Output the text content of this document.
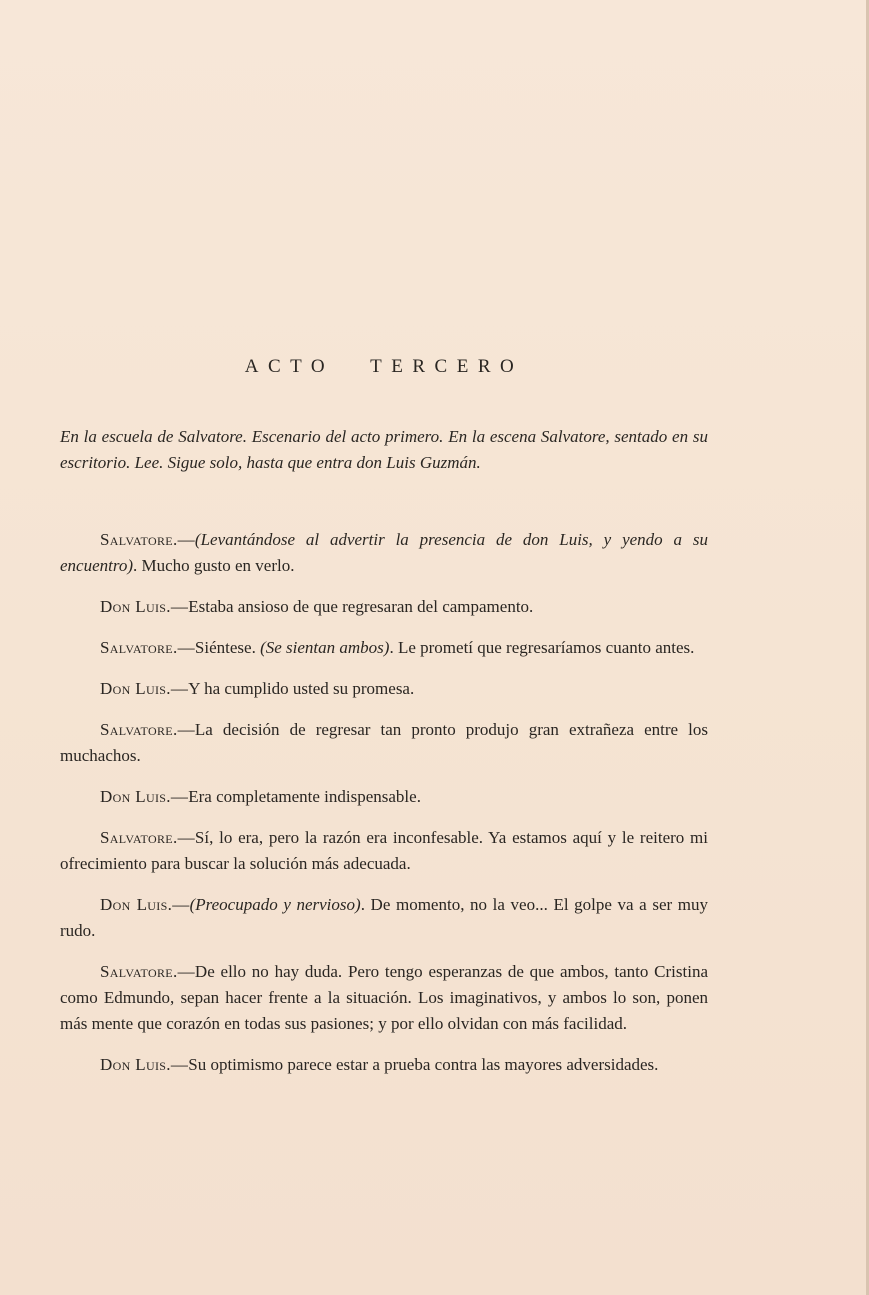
ACTO TERCERO

En la escuela de Salvatore. Escenario del acto primero. En la escena Salvatore, sentado en su escritorio. Lee. Sigue solo, hasta que entra don Luis Guzmán.

Salvatore.—(Levantándose al advertir la presencia de don Luis, y yendo a su encuentro). Mucho gusto en verlo.

Don Luis.—Estaba ansioso de que regresaran del campamento.

Salvatore.—Siéntese. (Se sientan ambos). Le prometí que regresaríamos cuanto antes.

Don Luis.—Y ha cumplido usted su promesa.

Salvatore.—La decisión de regresar tan pronto produjo gran extrañeza entre los muchachos.

Don Luis.—Era completamente indispensable.

Salvatore.—Sí, lo era, pero la razón era inconfesable. Ya estamos aquí y le reitero mi ofrecimiento para buscar la solución más adecuada.

Don Luis.—(Preocupado y nervioso). De momento, no la veo... El golpe va a ser muy rudo.

Salvatore.—De ello no hay duda. Pero tengo esperanzas de que ambos, tanto Cristina como Edmundo, sepan hacer frente a la situación. Los imaginativos, y ambos lo son, ponen más mente que corazón en todas sus pasiones; y por ello olvidan con más facilidad.

Don Luis.—Su optimismo parece estar a prueba contra las mayores adversidades.
